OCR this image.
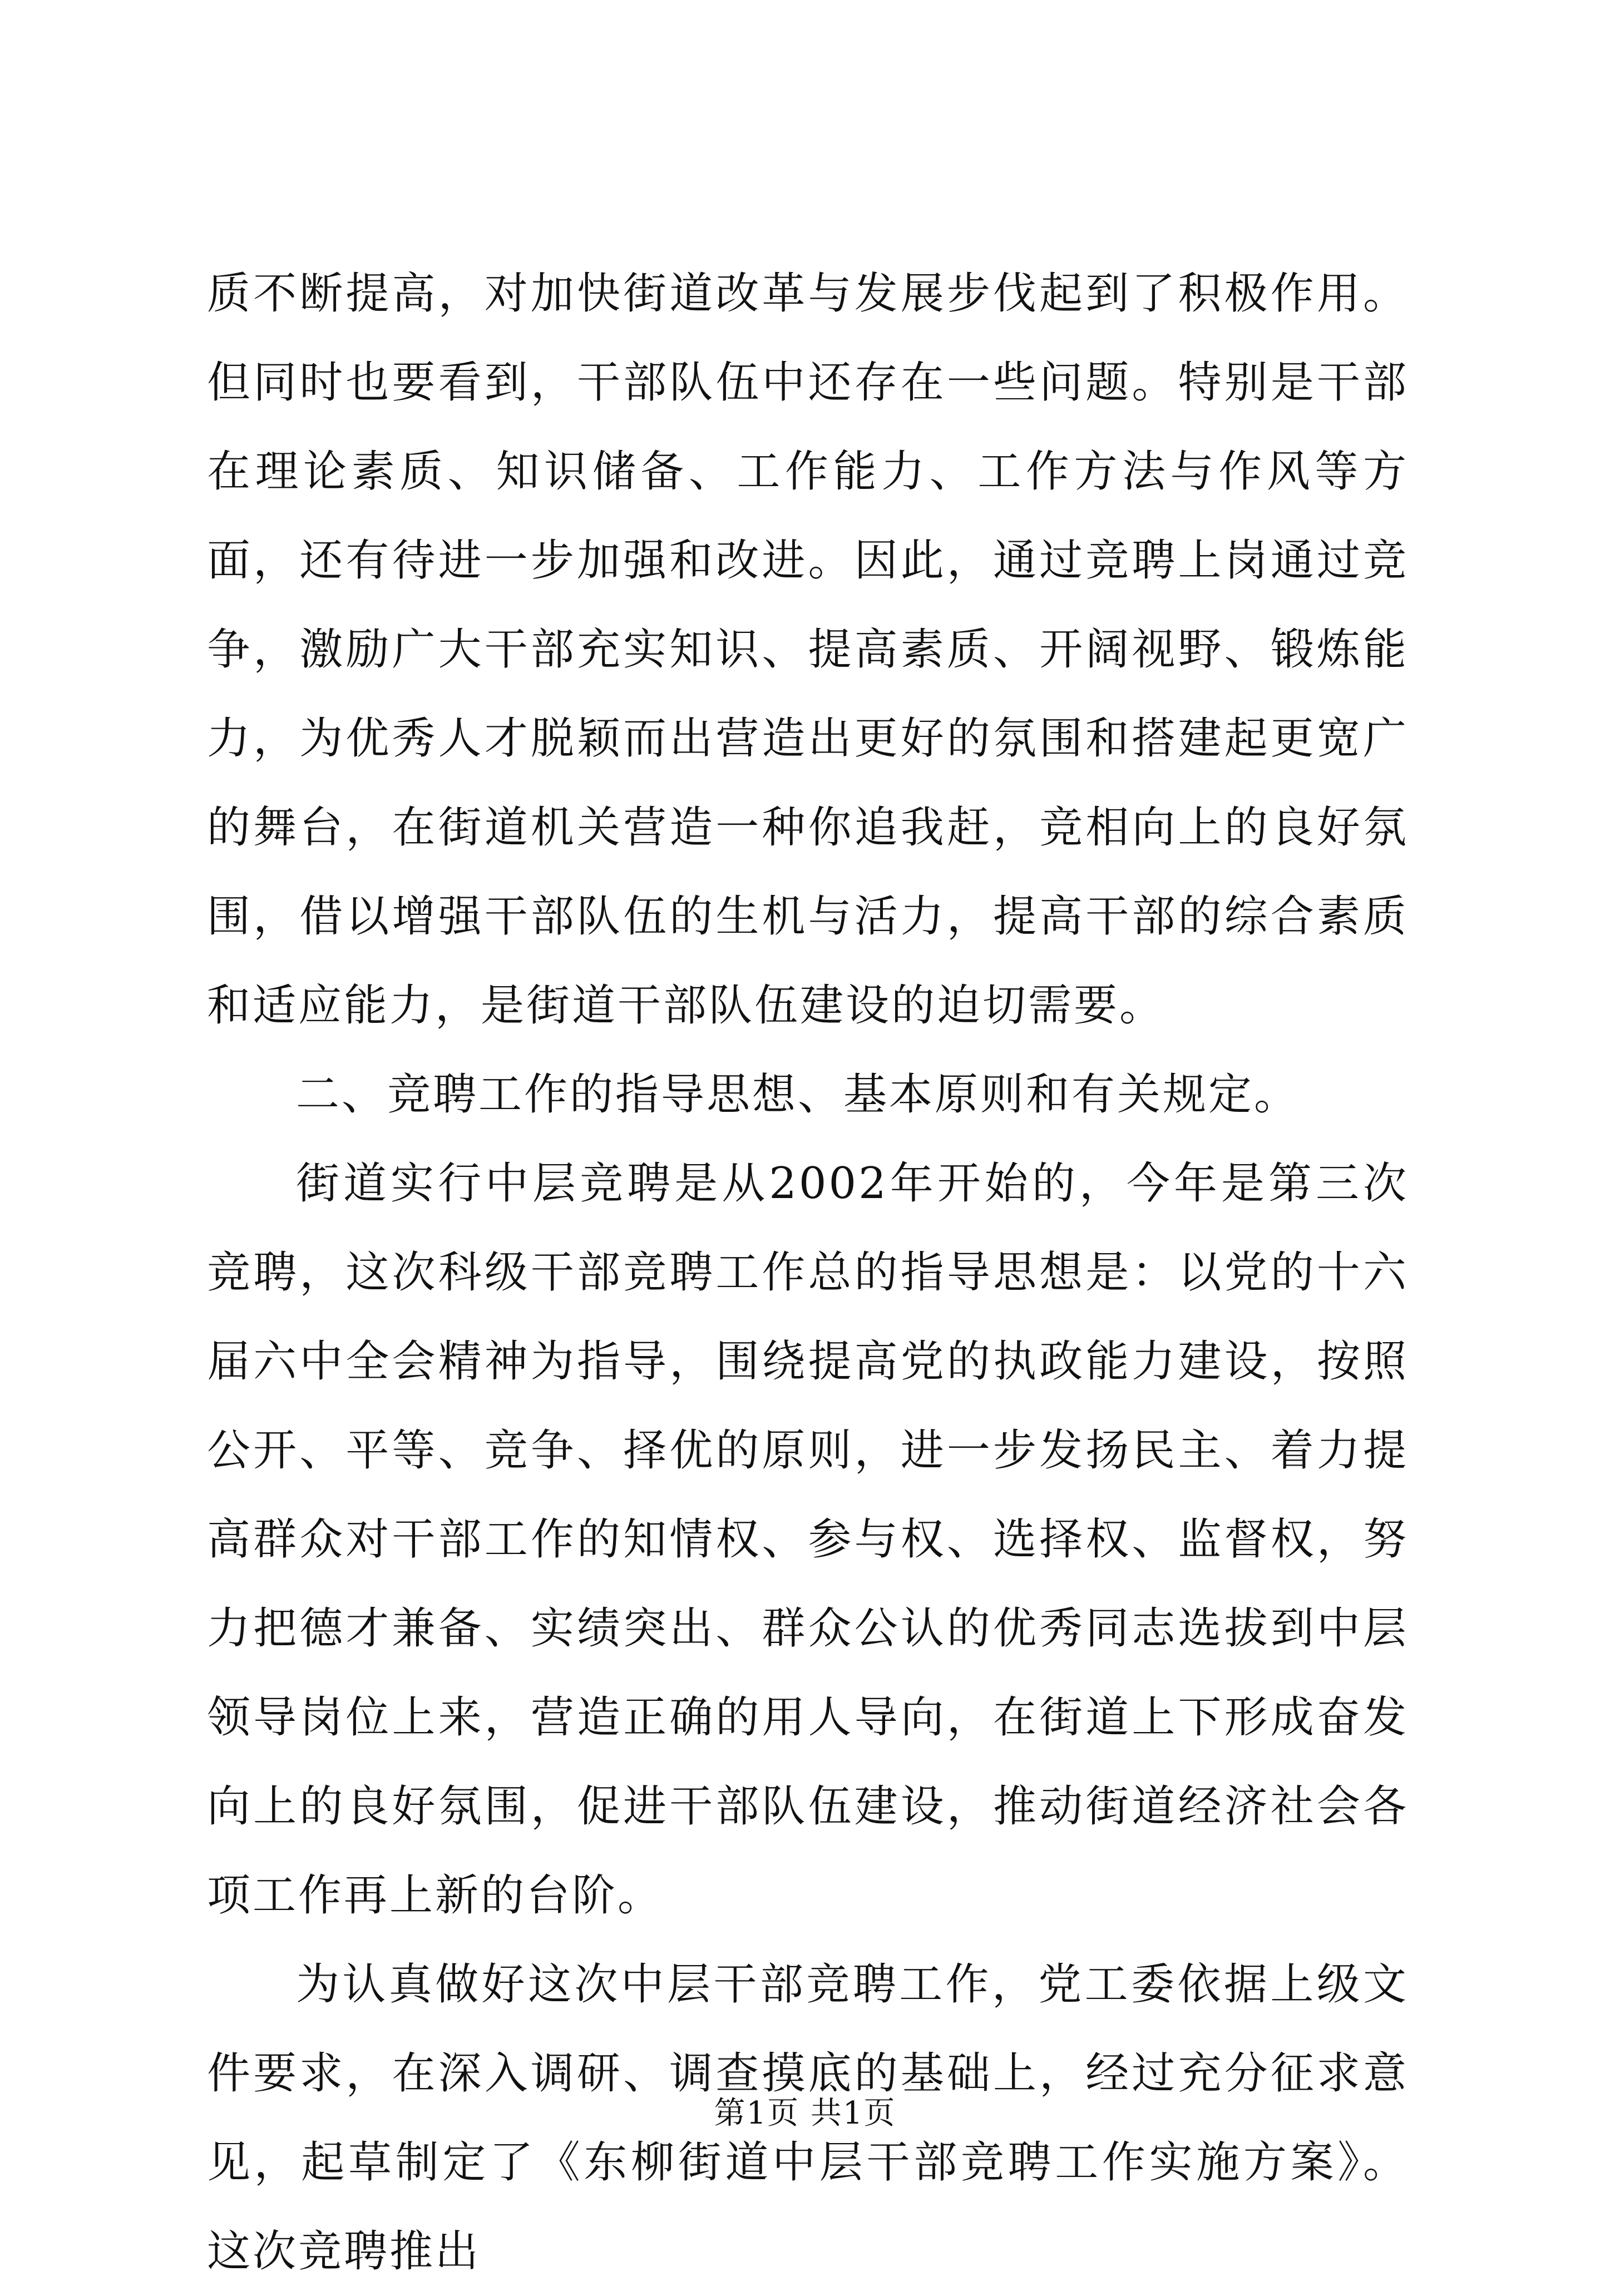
质不断提高，对加快街道改革与发展步伐起到了积极作用。但同时也要看到，干部队伍中还存在一些问题。特别是干部在理论素质、知识储备、工作能力、工作方法与作风等方面，还有待进一步加强和改进。因此，通过竞聘上岗通过竞争，激励广大干部充实知识、提高素质、开阔视野、锻炼能力，为优秀人才脱颖而出营造出更好的氛围和搭建起更宽广的舞台，在街道机关营造一种你追我赶，竞相向上的良好氛围，借以增强干部队伍的生机与活力，提高干部的综合素质和适应能力，是街道干部队伍建设的迫切需要。

二、竞聘工作的指导思想、基本原则和有关规定。

街道实行中层竞聘是从2002年开始的，今年是第三次竞聘，这次科级干部竞聘工作总的指导思想是：以党的十六届六中全会精神为指导，围绕提高党的执政能力建设，按照公开、平等、竞争、择优的原则，进一步发扬民主、着力提高群众对干部工作的知情权、参与权、选择权、监督权，努力把德才兼备、实绩突出、群众公认的优秀同志选拔到中层领导岗位上来，营造正确的用人导向，在街道上下形成奋发向上的良好氛围，促进干部队伍建设，推动街道经济社会各项工作再上新的台阶。

为认真做好这次中层干部竞聘工作，党工委依据上级文件要求，在深入调研、调查摸底的基础上，经过充分征求意见，起草制定了《东柳街道中层干部竞聘工作实施方案》。这次竞聘推出

第1页 共1页
